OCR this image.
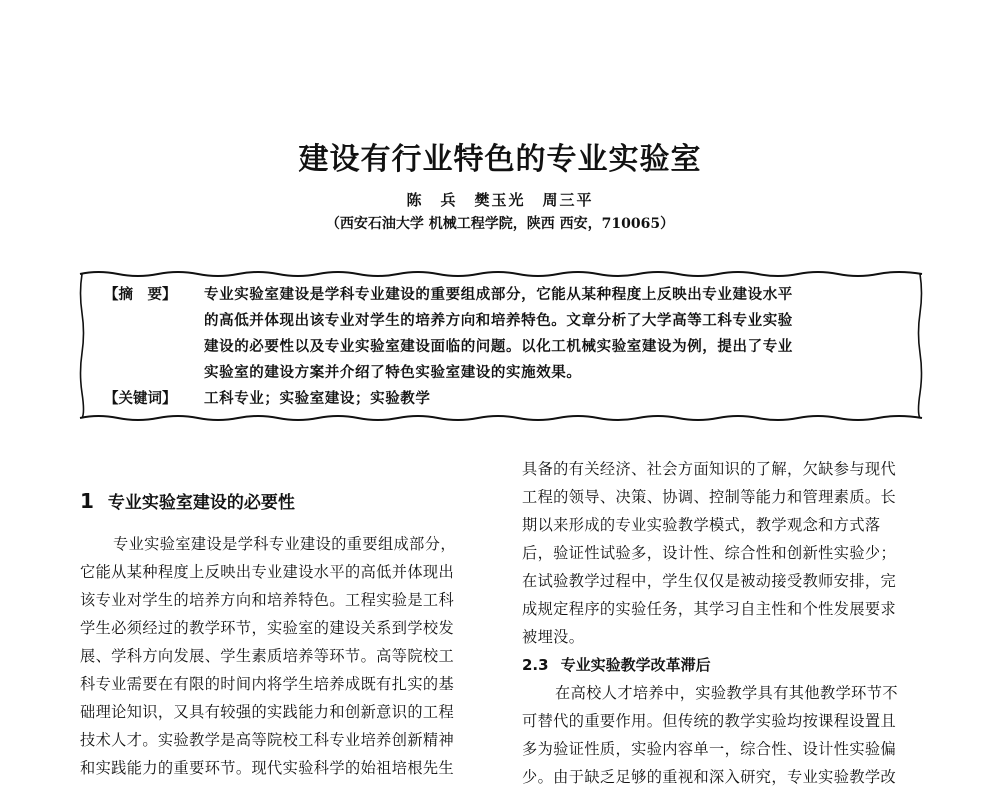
建设有行业特色的专业实验室
陈　兵　樊玉光　周三平
（西安石油大学 机械工程学院，陕西 西安，710065）
【摘　要】	专业实验室建设是学科专业建设的重要组成部分，它能从某种程度上反映出专业建设水平
的高低并体现出该专业对学生的培养方向和培养特色。文章分析了大学高等工科专业实验
建设的必要性以及专业实验室建设面临的问题。以化工机械实验室建设为例，提出了专业
实验室的建设方案并介绍了特色实验室建设的实施效果。
【关键词】 工科专业；实验室建设；实验教学
1 专业实验室建设的必要性
专业实验室建设是学科专业建设的重要组成部分，
它能从某种程度上反映出专业建设水平的高低并体现出
该专业对学生的培养方向和培养特色。工程实验是工科
学生必须经过的教学环节，实验室的建设关系到学校发
展、学科方向发展、学生素质培养等环节。高等院校工
科专业需要在有限的时间内将学生培养成既有扎实的基
础理论知识，又具有较强的实践能力和创新意识的工程
技术人才。实验教学是高等院校工科专业培养创新精神
和实践能力的重要环节。现代实验科学的始祖培根先生
具备的有关经济、社会方面知识的了解，欠缺参与现代
工程的领导、决策、协调、控制等能力和管理素质。长
期以来形成的专业实验教学模式，教学观念和方式落
后，验证性试验多，设计性、综合性和创新性实验少；
在试验教学过程中，学生仅仅是被动接受教师安排，完
成规定程序的实验任务，其学习自主性和个性发展要求
被埋没。
2.3 专业实验教学改革滞后
在高校人才培养中，实验教学具有其他教学环节不
可替代的重要作用。但传统的教学实验均按课程设置且
多为验证性质，实验内容单一，综合性、设计性实验偏
少。由于缺乏足够的重视和深入研究，专业实验教学改
